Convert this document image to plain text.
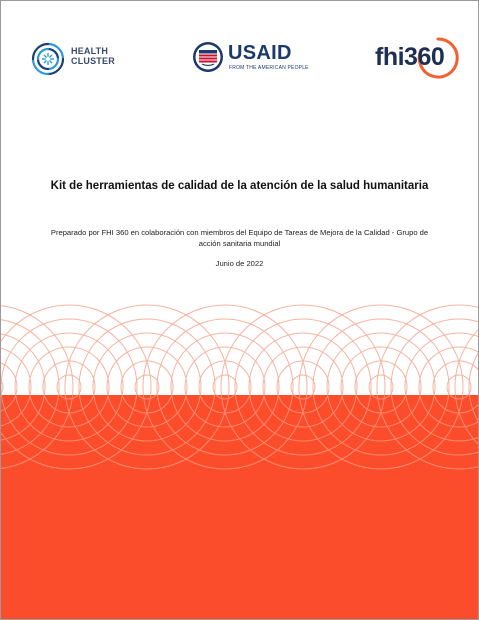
HEALTH
CLUSTER	USAID
FROM THE AMERICAN PEOPLE	fhi360
Kit de herramientas de calidad de la atención de la salud humanitaria
Preparado por FHI 360 en colaboración con miembros del Equipo de Tareas de Mejora de la Calidad - Grupo de acción sanitaria mundial
Junio de 2022
